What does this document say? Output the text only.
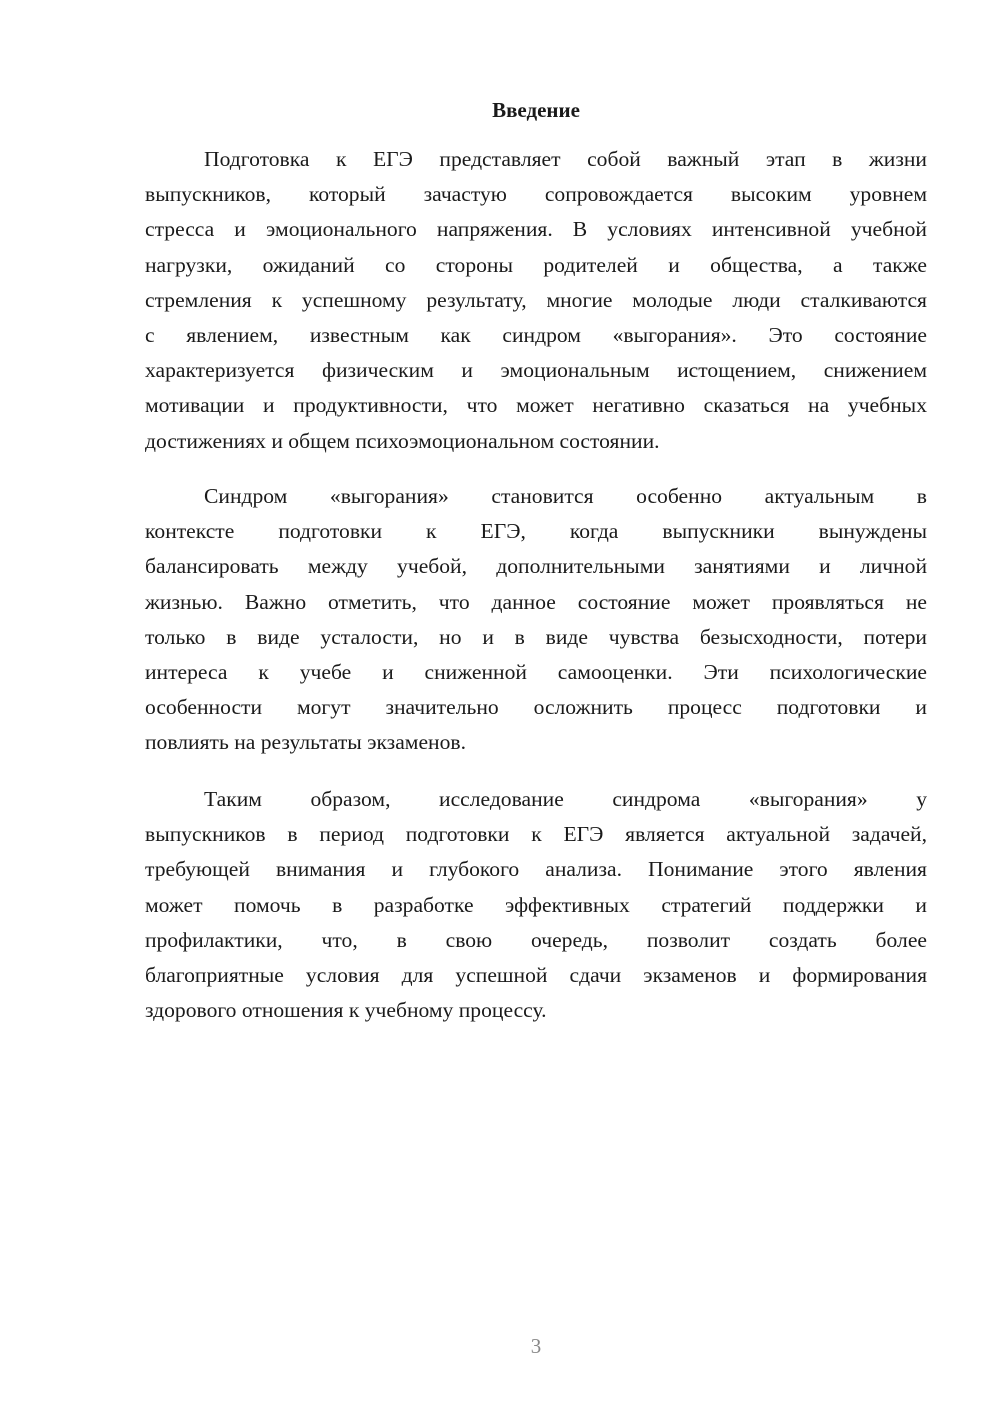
Введение
Подготовка к ЕГЭ представляет собой важный этап в жизни
выпускников, который зачастую сопровождается высоким уровнем
стресса и эмоционального напряжения. В условиях интенсивной учебной
нагрузки, ожиданий со стороны родителей и общества, а также
стремления к успешному результату, многие молодые люди сталкиваются
с явлением, известным как синдром «выгорания». Это состояние
характеризуется физическим и эмоциональным истощением, снижением
мотивации и продуктивности, что может негативно сказаться на учебных
достижениях и общем психоэмоциональном состоянии.
Синдром «выгорания» становится особенно актуальным в
контексте подготовки к ЕГЭ, когда выпускники вынуждены
балансировать между учебой, дополнительными занятиями и личной
жизнью. Важно отметить, что данное состояние может проявляться не
только в виде усталости, но и в виде чувства безысходности, потери
интереса к учебе и сниженной самооценки. Эти психологические
особенности могут значительно осложнить процесс подготовки и
повлиять на результаты экзаменов.
Таким образом, исследование синдрома «выгорания» у
выпускников в период подготовки к ЕГЭ является актуальной задачей,
требующей внимания и глубокого анализа. Понимание этого явления
может помочь в разработке эффективных стратегий поддержки и
профилактики, что, в свою очередь, позволит создать более
благоприятные условия для успешной сдачи экзаменов и формирования
здорового отношения к учебному процессу.
3
